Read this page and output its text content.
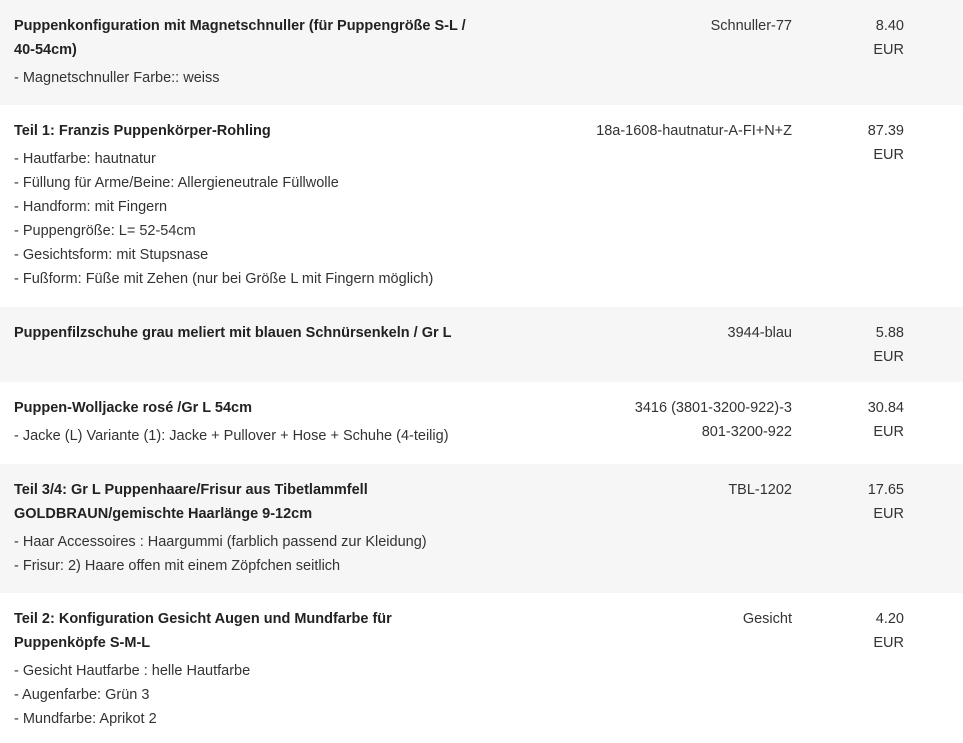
Puppenkonfiguration mit Magnetschnuller (für Puppengröße S-L / 40-54cm)
- Magnetschnuller Farbe:: weiss
Schnuller-77	8.40
EUR
Teil 1: Franzis Puppenkörper-Rohling
- Hautfarbe: hautnatur
- Füllung für Arme/Beine: Allergieneutrale Füllwolle
- Handform: mit Fingern
- Puppengröße: L= 52-54cm
- Gesichtsform: mit Stupsnase
- Fußform: Füße mit Zehen (nur bei Größe L mit Fingern möglich)
18a-1608-hautnatur-A-FI+N+Z	87.39
EUR
Puppenfilzschuhe grau meliert mit blauen Schnürsenkeln / Gr L	3944-blau	5.88
EUR
Puppen-Wolljacke rosé /Gr L 54cm
- Jacke (L) Variante (1): Jacke + Pullover + Hose + Schuhe (4-teilig)
3416 (3801-3200-922)-3801-3200-922
30.84
EUR
Teil 3/4: Gr L Puppenhaare/Frisur aus Tibetlammfell GOLDBRAUN/gemischte Haarlänge 9-12cm
- Haar Accessoires : Haargummi (farblich passend zur Kleidung)
- Frisur: 2) Haare offen mit einem Zöpfchen seitlich
TBL-1202	17.65
EUR
Teil 2: Konfiguration Gesicht Augen und Mundfarbe für Puppenköpfe S-M-L
- Gesicht Hautfarbe : helle Hautfarbe
- Augenfarbe: Grün 3
- Mundfarbe: Aprikot 2
Gesicht	4.20
EUR
